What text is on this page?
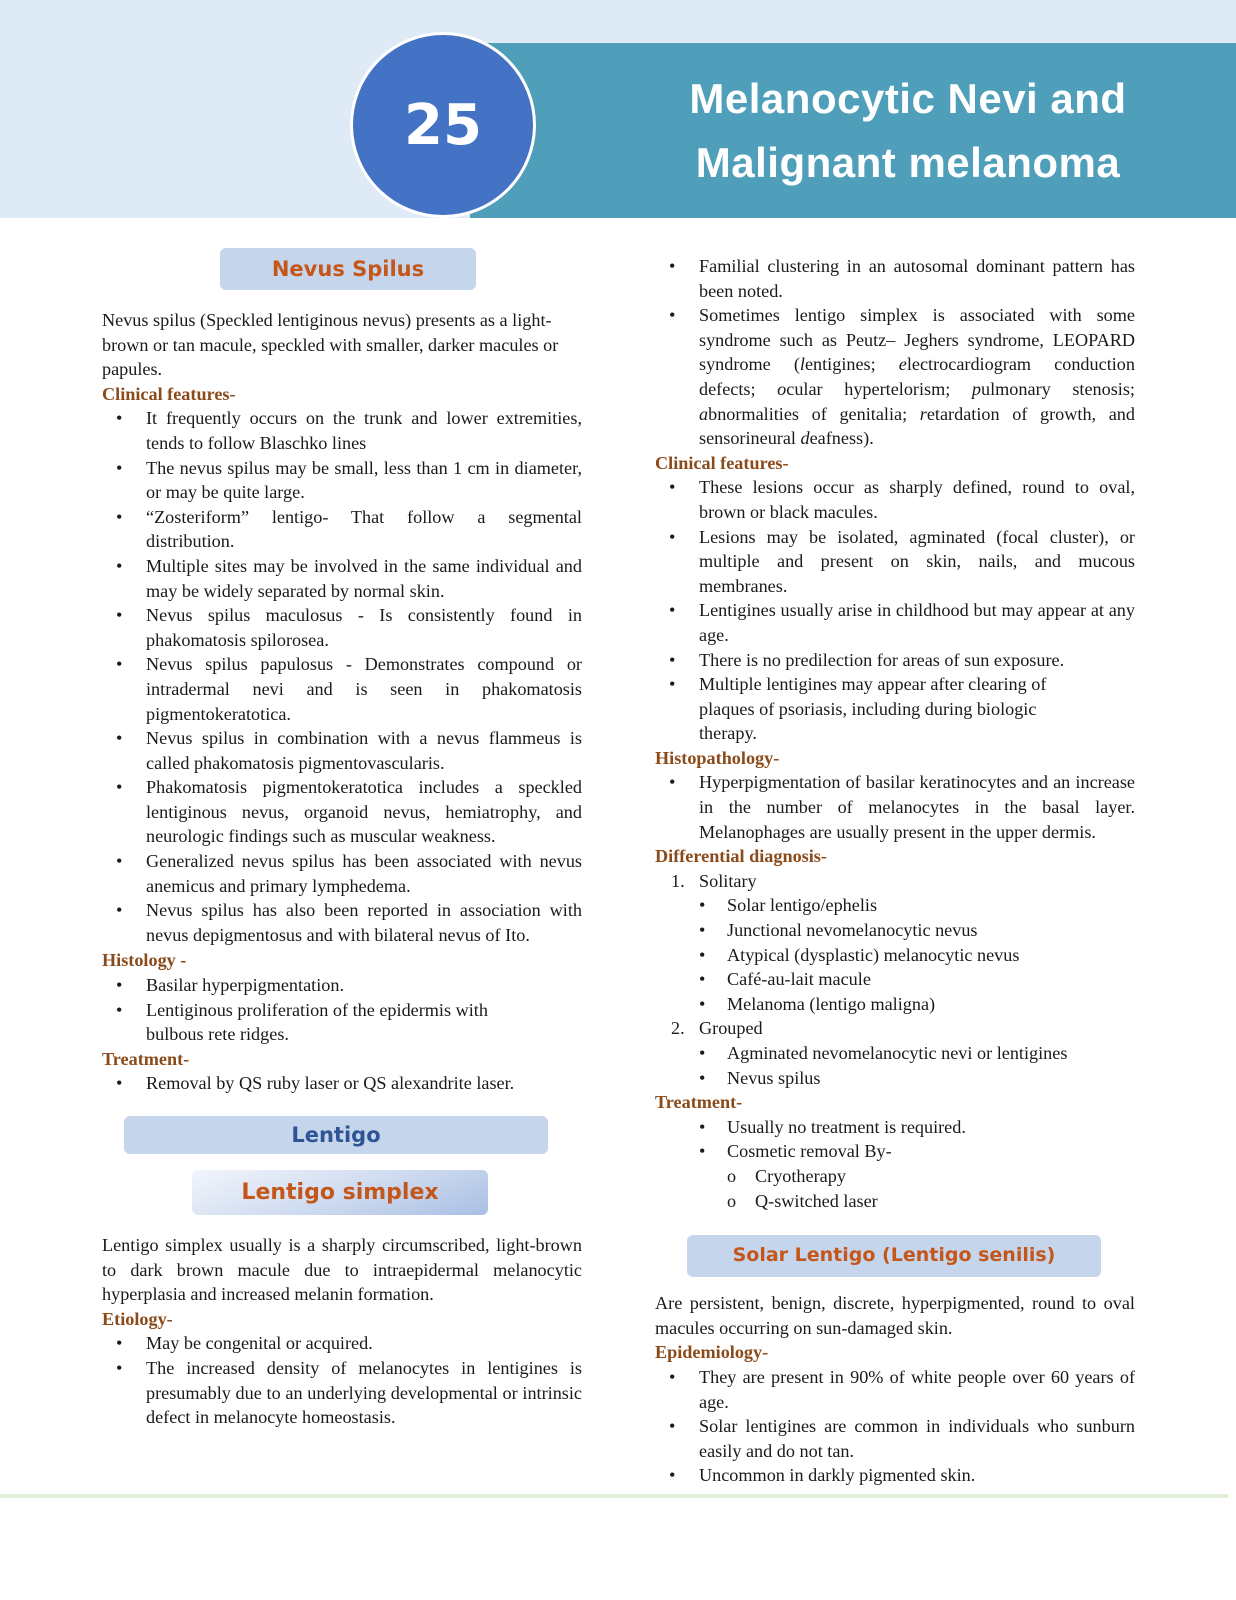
Melanocytic Nevi and
Malignant melanoma
25
Nevus Spilus

Nevus spilus (Speckled lentiginous nevus) presents as a light-brown or tan macule, speckled with smaller, darker macules or papules.

Clinical features-
• It frequently occurs on the trunk and lower extremities, tends to follow Blaschko lines
• The nevus spilus may be small, less than 1 cm in diameter, or may be quite large.
• “Zosteriform” lentigo- That follow a segmental distribution.
• Multiple sites may be involved in the same individual and may be widely separated by normal skin.
• Nevus spilus maculosus - Is consistently found in phakomatosis spilorosea.
• Nevus spilus papulosus - Demonstrates compound or intradermal nevi and is seen in phakomatosis pigmentokeratotica.
• Nevus spilus in combination with a nevus flammeus is called phakomatosis pigmentovascularis.
• Phakomatosis pigmentokeratotica includes a speckled lentiginous nevus, organoid nevus, hemiatrophy, and neurologic findings such as muscular weakness.
• Generalized nevus spilus has been associated with nevus anemicus and primary lymphedema.
• Nevus spilus has also been reported in association with nevus depigmentosus and with bilateral nevus of Ito.
Histology -
• Basilar hyperpigmentation.
• Lentiginous proliferation of the epidermis with bulbous rete ridges.
Treatment-
• Removal by QS ruby laser or QS alexandrite laser.
Lentigo
Lentigo simplex

Lentigo simplex usually is a sharply circumscribed, light-brown to dark brown macule due to intraepidermal melanocytic hyperplasia and increased melanin formation.

Etiology-
• May be congenital or acquired.
• The increased density of melanocytes in lentigines is presumably due to an underlying developmental or intrinsic defect in melanocyte homeostasis.
• Familial clustering in an autosomal dominant pattern has been noted.
• Sometimes lentigo simplex is associated with some syndrome such as Peutz– Jeghers syndrome, LEOPARD syndrome (lentigines; electrocardiogram conduction defects; ocular hypertelorism; pulmonary stenosis; abnormalities of genitalia; retardation of growth, and sensorineural deafness).
Clinical features-
• These lesions occur as sharply defined, round to oval, brown or black macules.
• Lesions may be isolated, agminated (focal cluster), or multiple and present on skin, nails, and mucous membranes.
• Lentigines usually arise in childhood but may appear at any age.
• There is no predilection for areas of sun exposure.
• Multiple lentigines may appear after clearing of plaques of psoriasis, including during biologic therapy.
Histopathology-
• Hyperpigmentation of basilar keratinocytes and an increase in the number of melanocytes in the basal layer. Melanophages are usually present in the upper dermis.
Differential diagnosis-
1. Solitary
• Solar lentigo/ephelis
• Junctional nevomelanocytic nevus
• Atypical (dysplastic) melanocytic nevus
• Café-au-lait macule
• Melanoma (lentigo maligna)
2. Grouped
• Agminated nevomelanocytic nevi or lentigines
• Nevus spilus
Treatment-
• Usually no treatment is required.
• Cosmetic removal By-
o Cryotherapy
o Q-switched laser
Solar Lentigo (Lentigo senilis)

Are persistent, benign, discrete, hyperpigmented, round to oval macules occurring on sun-damaged skin.

Epidemiology-
• They are present in 90% of white people over 60 years of age.
• Solar lentigines are common in individuals who sunburn easily and do not tan.
• Uncommon in darkly pigmented skin.
